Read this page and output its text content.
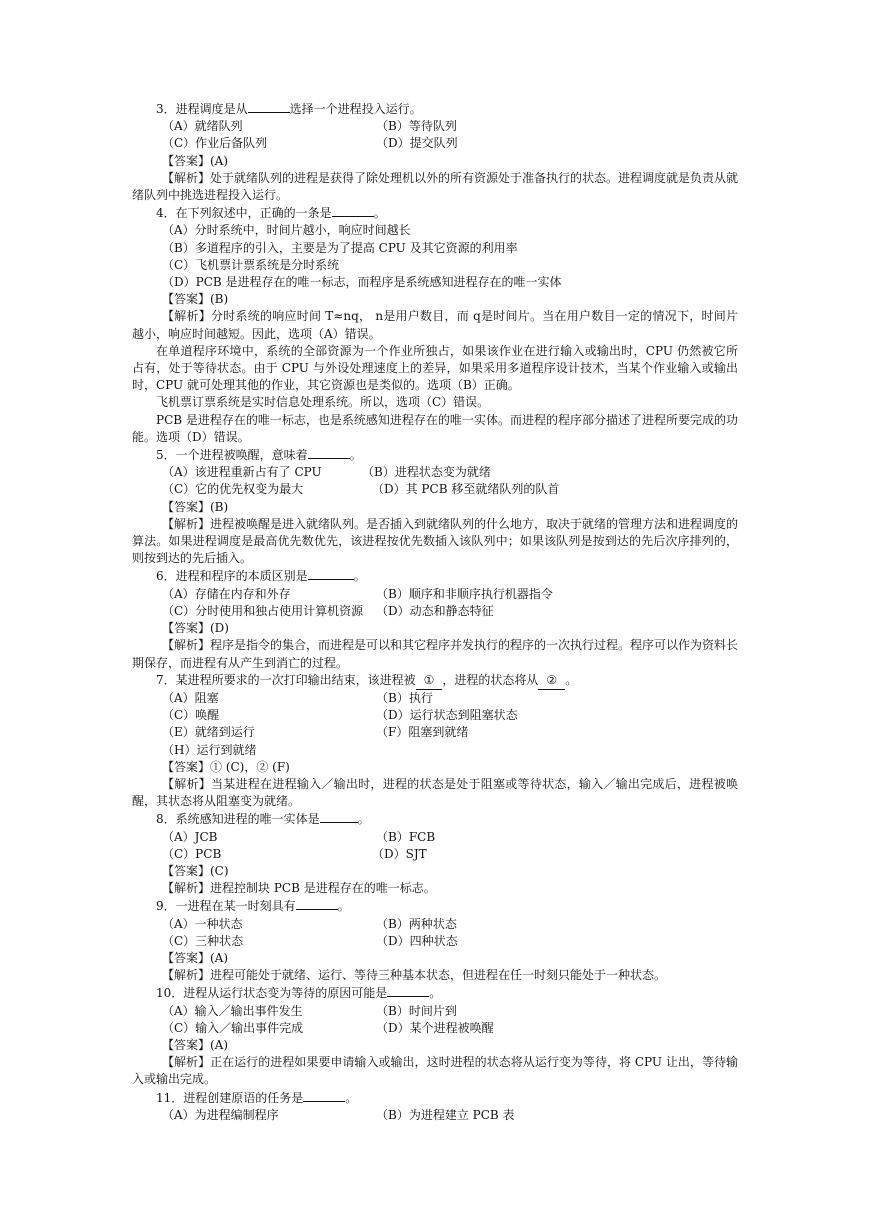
3．进程调度是从	选择一个进程投入运行。
（A）就绪队列	（B）等待队列
（C）作业后备队列	（D）提交队列
【答案】(A)
【解析】处于就绪队列的进程是获得了除处理机以外的所有资源处于准备执行的状态。进程调度就是负责从就绪队列中挑选进程投入运行。
4．在下列叙述中，正确的一条是	。
（A）分时系统中，时间片越小，响应时间越长
（B）多道程序的引入，主要是为了提高 CPU 及其它资源的利用率
（C）飞机票计票系统是分时系统
（D）PCB 是进程存在的唯一标志，而程序是系统感知进程存在的唯一实体
【答案】(B)
【解析】分时系统的响应时间 T≈nq， n是用户数目，而 q是时间片。当在用户数目一定的情况下，时间片越小，响应时间越短。因此，选项（A）错误。
在单道程序环境中，系统的全部资源为一个作业所独占，如果该作业在进行输入或输出时，CPU 仍然被它所占有，处于等待状态。由于 CPU 与外设处理速度上的差异，如果采用多道程序设计技术，当某个作业输入或输出时，CPU 就可处理其他的作业，其它资源也是类似的。选项（B）正确。
飞机票订票系统是实时信息处理系统。所以，选项（C）错误。
PCB 是进程存在的唯一标志，也是系统感知进程存在的唯一实体。而进程的程序部分描述了进程所要完成的功能。选项（D）错误。
5．一个进程被唤醒，意味着	。
（A）该进程重新占有了 CPU	（B）进程状态变为就绪
（C）它的优先权变为最大	（D）其 PCB 移至就绪队列的队首
【答案】(B)
【解析】进程被唤醒是进入就绪队列。是否插入到就绪队列的什么地方，取决于就绪的管理方法和进程调度的算法。如果进程调度是最高优先数优先，该进程按优先数插入该队列中；如果该队列是按到达的先后次序排列的，则按到达的先后插入。
6．进程和程序的本质区别是	。
（A）存储在内存和外存	（B）顺序和非顺序执行机器指令
（C）分时使用和独占使用计算机资源	（D）动态和静态特征
【答案】(D)
【解析】程序是指令的集合，而进程是可以和其它程序并发执行的程序的一次执行过程。程序可以作为资料长期保存，而进程有从产生到消亡的过程。
7．某进程所要求的一次打印输出结束，该进程被 ① ，进程的状态将从 ② 。
（A）阻塞	（B）执行
（C）唤醒	（D）运行状态到阻塞状态
（E）就绪到运行	（F）阻塞到就绪
（H）运行到就绪
【答案】① (C)，② (F)
【解析】当某进程在进程输入／输出时，进程的状态是处于阻塞或等待状态，输入／输出完成后，进程被唤醒，其状态将从阻塞变为就绪。
8．系统感知进程的唯一实体是	。
（A）JCB	（B）FCB
（C）PCB	（D）SJT
【答案】(C)
【解析】进程控制块 PCB 是进程存在的唯一标志。
9．一进程在某一时刻具有	。
（A）一种状态	（B）两种状态
（C）三种状态	（D）四种状态
【答案】(A)
【解析】进程可能处于就绪、运行、等待三种基本状态，但进程在任一时刻只能处于一种状态。
10．进程从运行状态变为等待的原因可能是	。
（A）输入／输出事件发生	（B）时间片到
（C）输入／输出事件完成	（D）某个进程被唤醒
【答案】(A)
【解析】正在运行的进程如果要申请输入或输出，这时进程的状态将从运行变为等待，将 CPU 让出，等待输入或输出完成。
11．进程创建原语的任务是	。
（A）为进程编制程序	（B）为进程建立 PCB 表
